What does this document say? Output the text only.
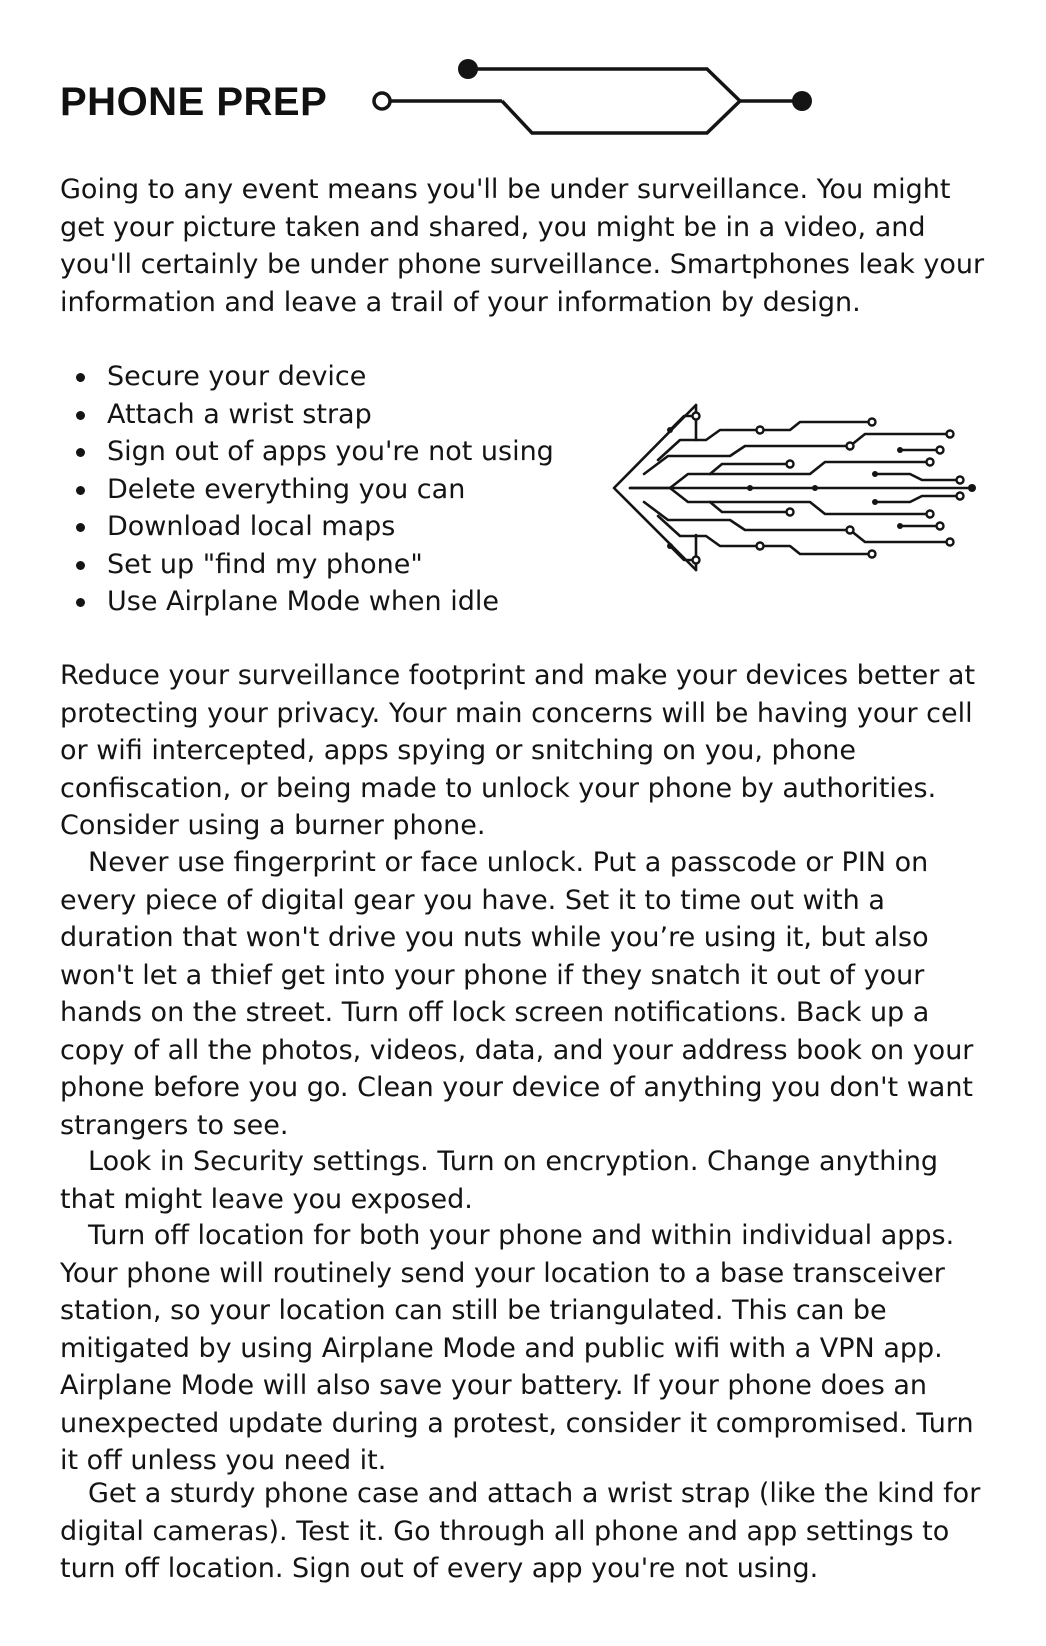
PHONE PREP

Going to any event means you'll be under surveillance. You might get your picture taken and shared, you might be in a video, and you'll certainly be under phone surveillance. Smartphones leak your information and leave a trail of your information by design.

Secure your device
Attach a wrist strap
Sign out of apps you're not using
Delete everything you can
Download local maps
Set up "find my phone"
Use Airplane Mode when idle

Reduce your surveillance footprint and make your devices better at protecting your privacy. Your main concerns will be having your cell or wifi intercepted, apps spying or snitching on you, phone confiscation, or being made to unlock your phone by authorities. Consider using a burner phone.

Never use fingerprint or face unlock. Put a passcode or PIN on every piece of digital gear you have. Set it to time out with a duration that won't drive you nuts while you’re using it, but also won't let a thief get into your phone if they snatch it out of your hands on the street. Turn off lock screen notifications. Back up a copy of all the photos, videos, data, and your address book on your phone before you go. Clean your device of anything you don't want strangers to see.

Look in Security settings. Turn on encryption. Change anything that might leave you exposed.

Turn off location for both your phone and within individual apps. Your phone will routinely send your location to a base transceiver station, so your location can still be triangulated. This can be mitigated by using Airplane Mode and public wifi with a VPN app. Airplane Mode will also save your battery. If your phone does an unexpected update during a protest, consider it compromised. Turn it off unless you need it.

Get a sturdy phone case and attach a wrist strap (like the kind for digital cameras). Test it. Go through all phone and app settings to turn off location. Sign out of every app you're not using.
